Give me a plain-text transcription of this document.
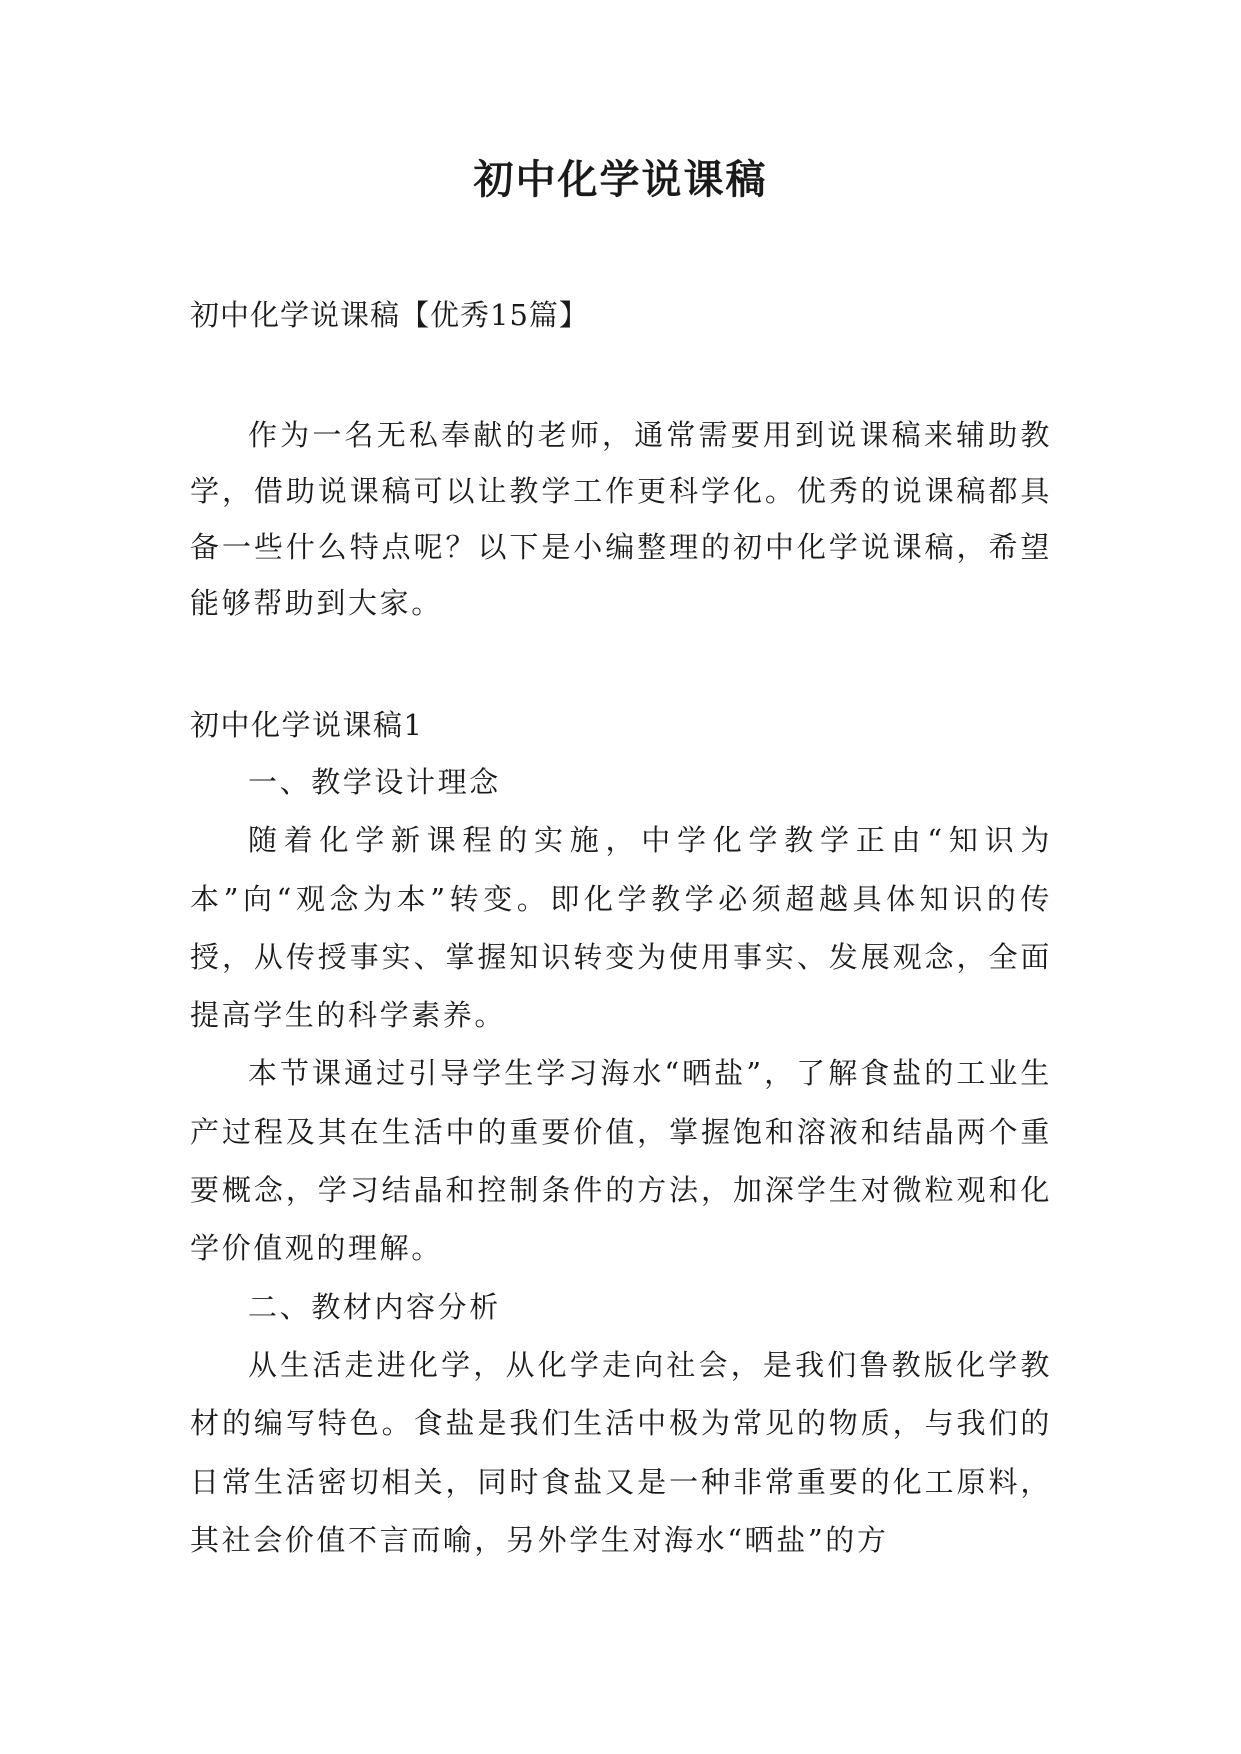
初中化学说课稿
初中化学说课稿【优秀15篇】

作为一名无私奉献的老师，通常需要用到说课稿来辅助教学，借助说课稿可以让教学工作更科学化。优秀的说课稿都具备一些什么特点呢？以下是小编整理的初中化学说课稿，希望能够帮助到大家。

初中化学说课稿1

一、教学设计理念

随着化学新课程的实施，中学化学教学正由“知识为本”向“观念为本”转变。即化学教学必须超越具体知识的传授，从传授事实、掌握知识转变为使用事实、发展观念，全面提高学生的科学素养。

本节课通过引导学生学习海水“晒盐”，了解食盐的工业生产过程及其在生活中的重要价值，掌握饱和溶液和结晶两个重要概念，学习结晶和控制条件的方法，加深学生对微粒观和化学价值观的理解。

二、教材内容分析

从生活走进化学，从化学走向社会，是我们鲁教版化学教材的编写特色。食盐是我们生活中极为常见的物质，与我们的日常生活密切相关，同时食盐又是一种非常重要的化工原料，其社会价值不言而喻，另外学生对海水“晒盐”的方
